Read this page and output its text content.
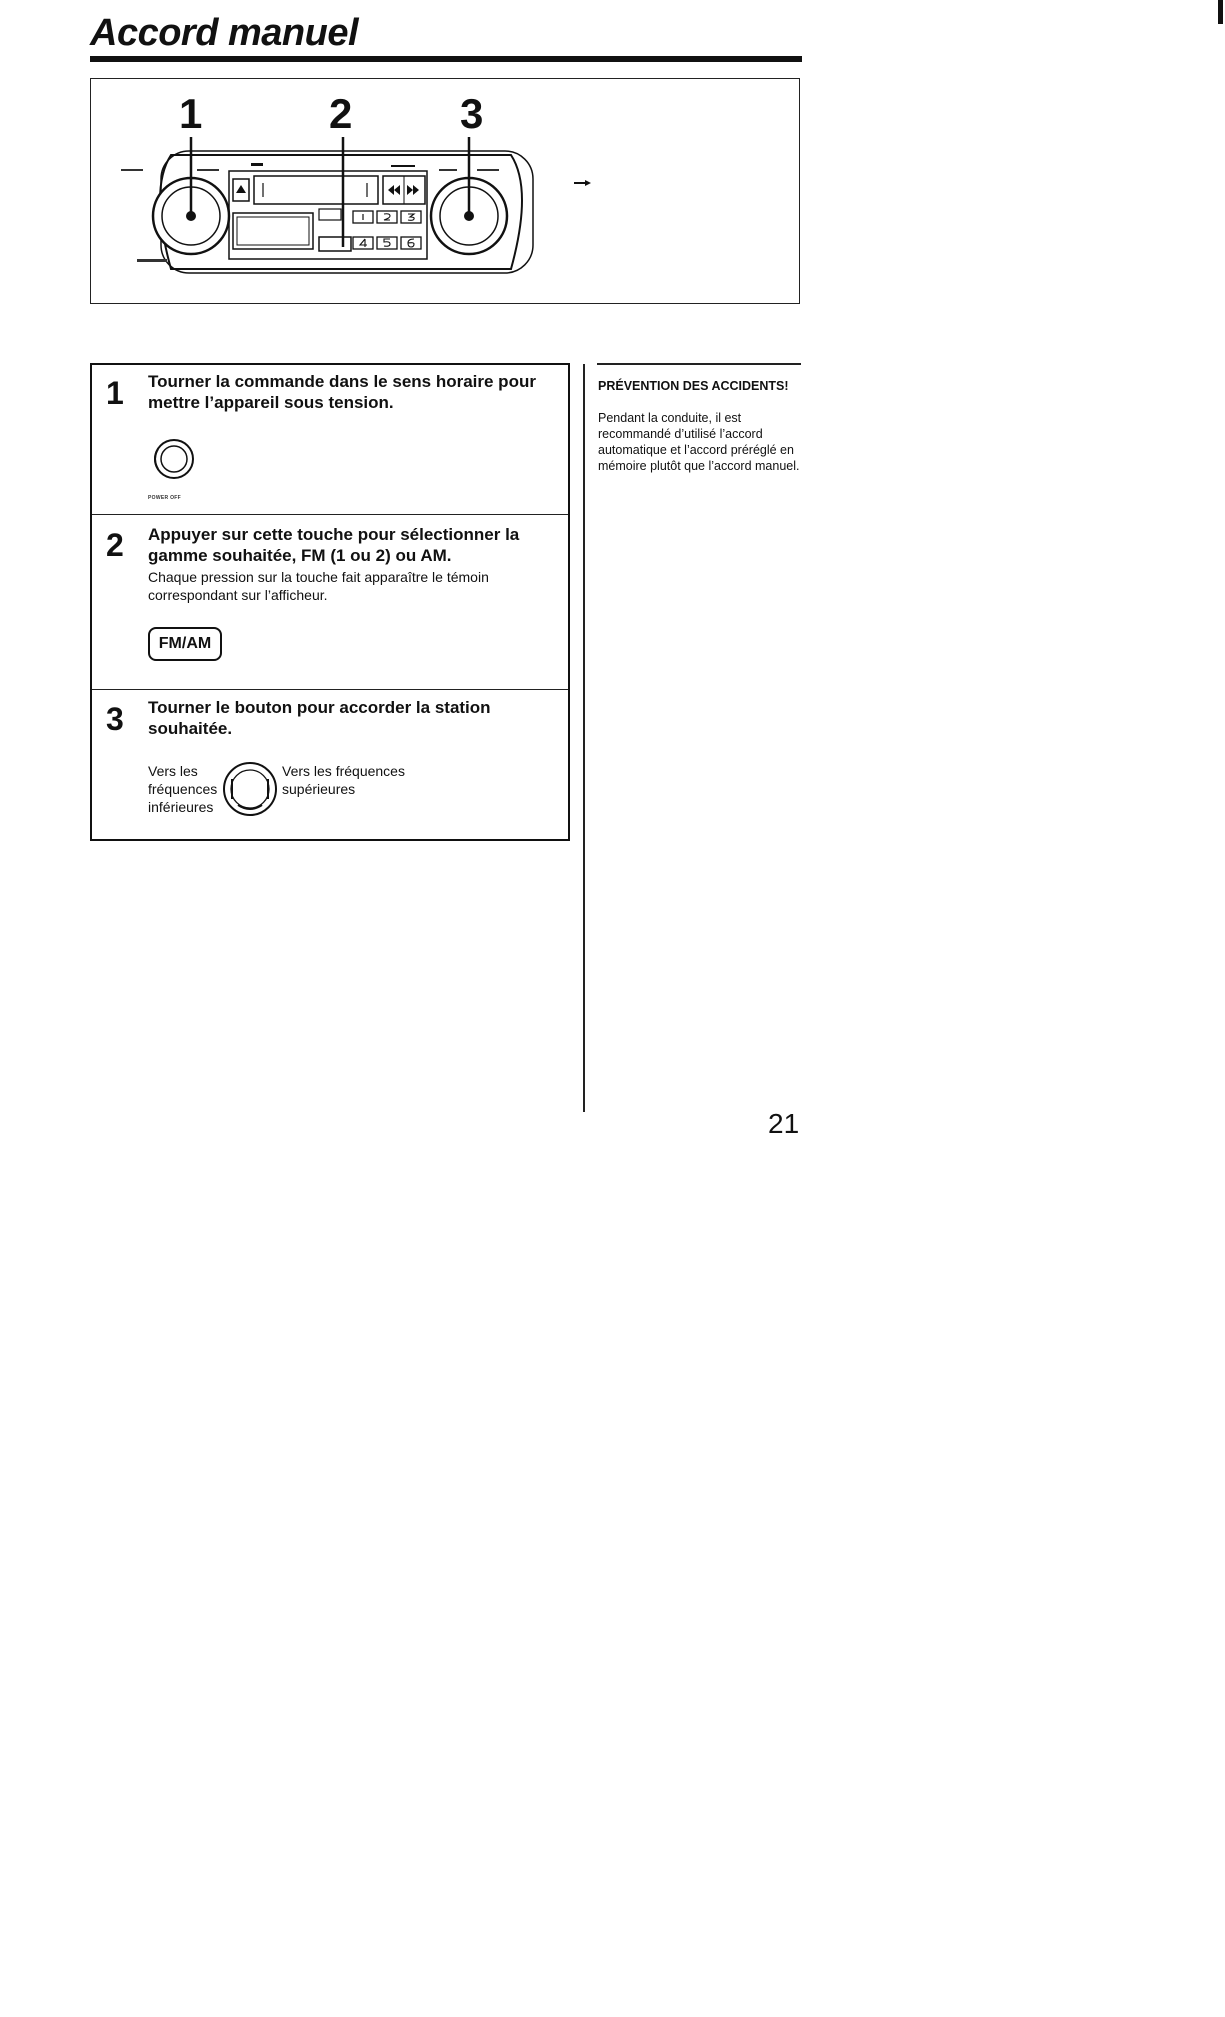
Accord manuel
1	2	3
1 Tourner la commande dans le sens horaire pour mettre l’appareil sous tension.
POWER OFF
2 Appuyer sur cette touche pour sélectionner la gamme souhaitée, FM (1 ou 2) ou AM.
Chaque pression sur la touche fait apparaître le témoin correspondant sur l’afficheur.
FM/AM
3 Tourner le bouton pour accorder la station souhaitée.
Vers les fréquences inférieures
Vers les fréquences supérieures
PRÉVENTION DES ACCIDENTS!
Pendant la conduite, il est recommandé d’utilisé l’accord automatique et l’accord préréglé en mémoire plutôt que l’accord manuel.
21
